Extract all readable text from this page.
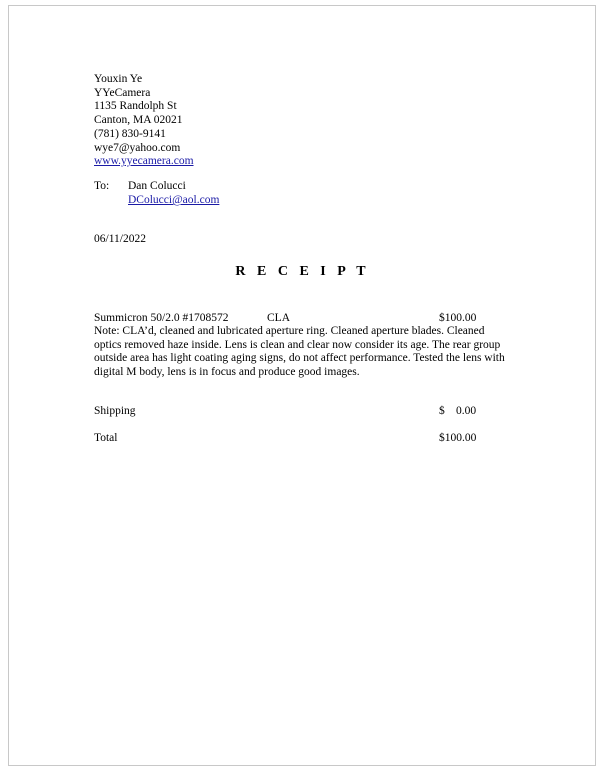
Youxin Ye
YYeCamera
1135 Randolph St
Canton, MA 02021
(781) 830-9141
wye7@yahoo.com
www.yyecamera.com
To: Dan Colucci
DColucci@aol.com
06/11/2022
R E C E I P T
Summicron 50/2.0 #1708572	CLA	$100.00
Note: CLA’d, cleaned and lubricated aperture ring. Cleaned aperture blades. Cleaned optics removed haze inside. Lens is clean and clear now consider its age. The rear group outside area has light coating aging signs, do not affect performance. Tested the lens with digital M body, lens is in focus and produce good images.
Shipping	$ 0.00
Total	$100.00
